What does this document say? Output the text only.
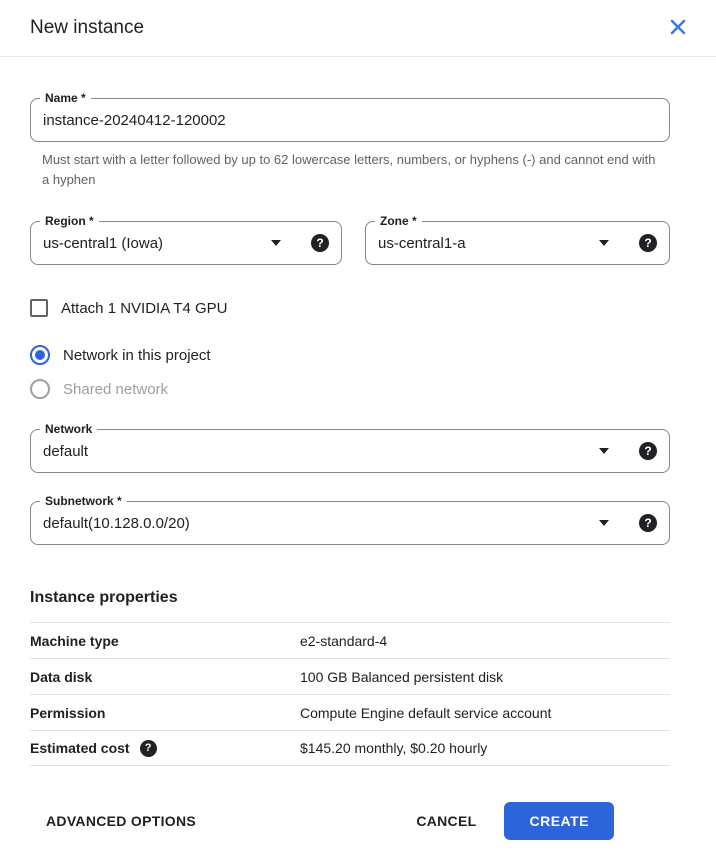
New instance
Name *
instance-20240412-120002
Must start with a letter followed by up to 62 lowercase letters, numbers, or hyphens (-) and cannot end with a hyphen
Region *
us-central1 (Iowa)	?
Zone *
us-central1-a	?
Attach 1 NVIDIA T4 GPU
Network in this project
Shared network
Network
default	?
Subnetwork *
default(10.128.0.0/20)	?
Instance properties
Machine type	e2-standard-4
Data disk	100 GB Balanced persistent disk
Permission	Compute Engine default service account
Estimated cost	?	$145.20 monthly, $0.20 hourly
ADVANCED OPTIONS	CANCEL	CREATE
